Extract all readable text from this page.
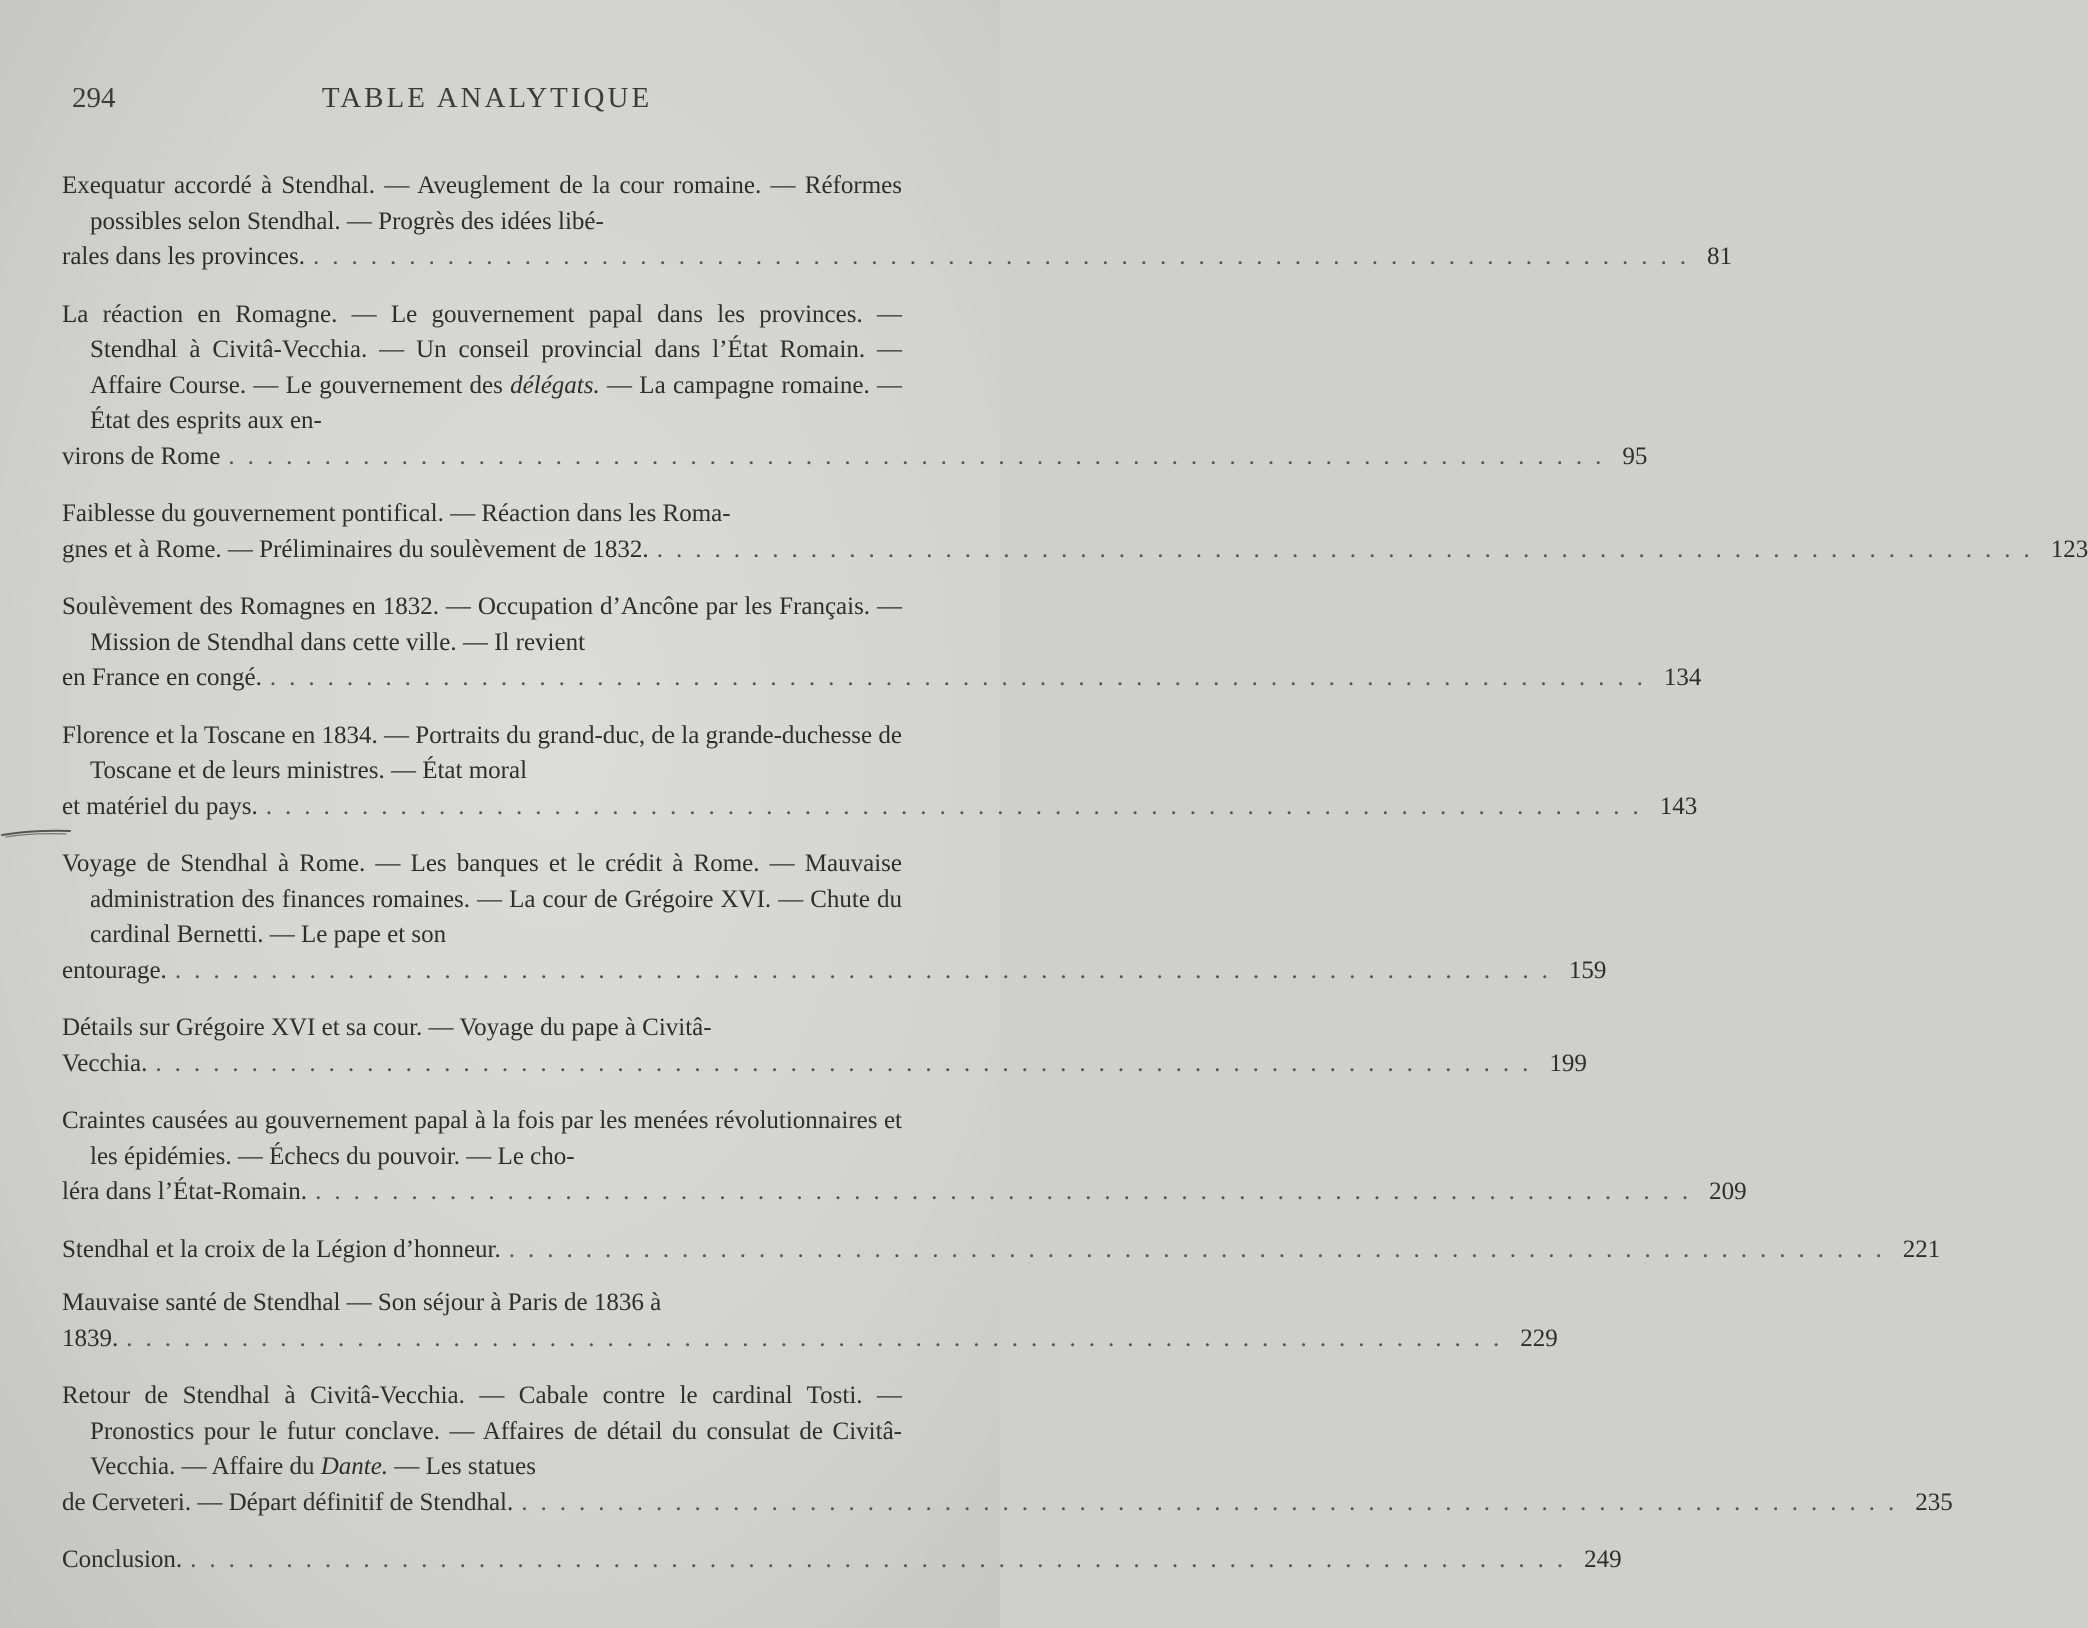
294	TABLE ANALYTIQUE
Exequatur accordé à Stendhal. — Aveuglement de la cour romaine. — Réformes possibles selon Stendhal. — Progrès des idées libé-
rales dans les provinces. ........................................................................ 81
La réaction en Romagne. — Le gouvernement papal dans les provinces. — Stendhal à Civitâ-Vecchia. — Un conseil provincial dans l’État Romain. — Affaire Course. — Le gouvernement des délégats. — La campagne romaine. — État des esprits aux en-
virons de Rome ........................................................................ 95
Faiblesse du gouvernement pontifical. — Réaction dans les Roma-
gnes et à Rome. — Préliminaires du soulèvement de 1832. ........................................................................ 123
Soulèvement des Romagnes en 1832. — Occupation d’Ancône par les Français. — Mission de Stendhal dans cette ville. — Il revient
en France en congé. ........................................................................ 134
Florence et la Toscane en 1834. — Portraits du grand-duc, de la grande-duchesse de Toscane et de leurs ministres. — État moral
et matériel du pays. ........................................................................ 143
Voyage de Stendhal à Rome. — Les banques et le crédit à Rome. — Mauvaise administration des finances romaines. — La cour de Grégoire XVI. — Chute du cardinal Bernetti. — Le pape et son
entourage. ........................................................................ 159
Détails sur Grégoire XVI et sa cour. — Voyage du pape à Civitâ-
Vecchia. ........................................................................ 199
Craintes causées au gouvernement papal à la fois par les menées révolutionnaires et les épidémies. — Échecs du pouvoir. — Le cho-
léra dans l’État-Romain. ........................................................................ 209
Stendhal et la croix de la Légion d’honneur. ........................................................................ 221
Mauvaise santé de Stendhal — Son séjour à Paris de 1836 à
1839. ........................................................................ 229
Retour de Stendhal à Civitâ-Vecchia. — Cabale contre le cardinal Tosti. — Pronostics pour le futur conclave. — Affaires de détail du consulat de Civitâ-Vecchia. — Affaire du Dante. — Les statues
de Cerveteri. — Départ définitif de Stendhal. ........................................................................ 235
Conclusion. ........................................................................ 249
